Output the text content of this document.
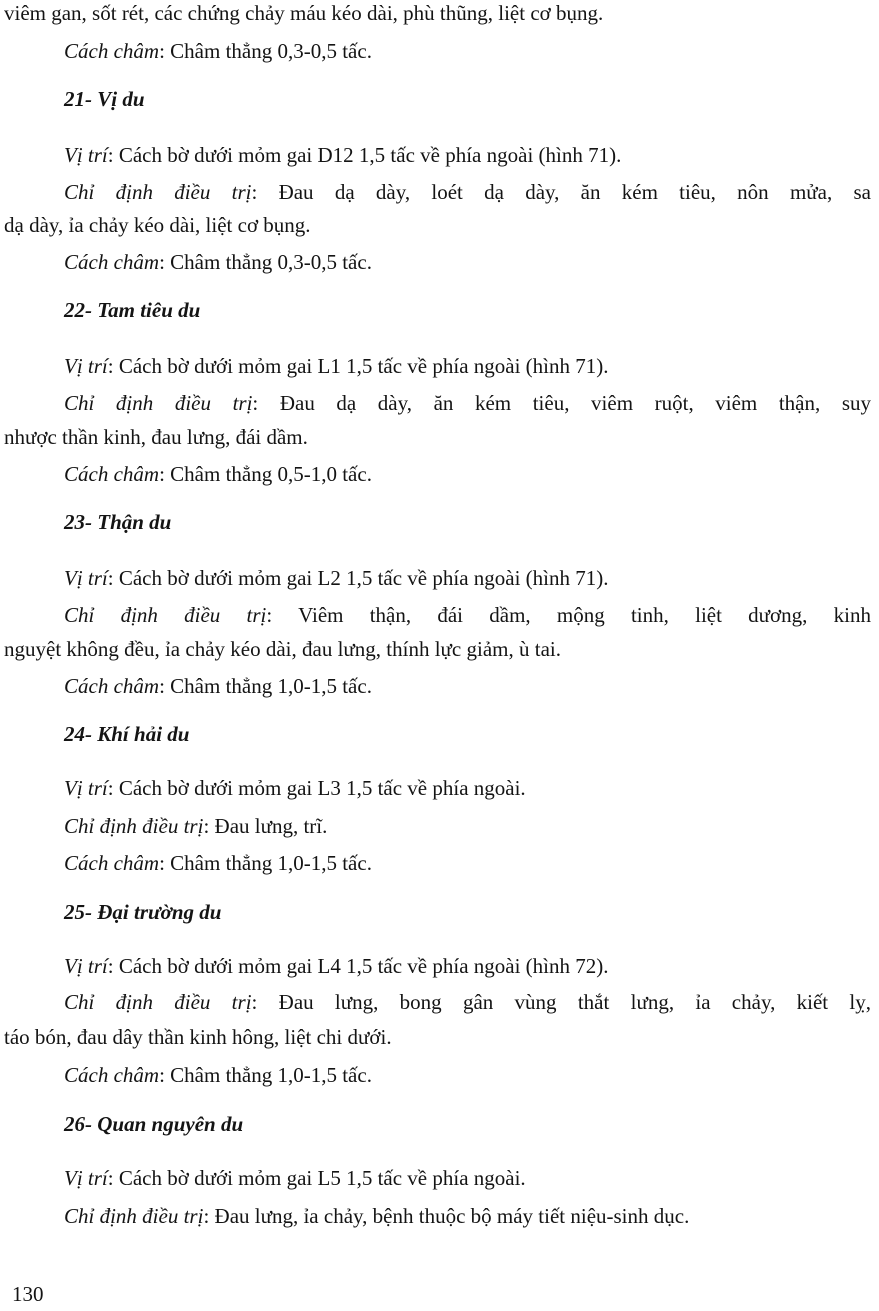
viêm gan, sốt rét, các chứng chảy máu kéo dài, phù thũng, liệt cơ bụng.
Cách châm: Châm thẳng 0,3-0,5 tấc.
21- Vị du
Vị trí: Cách bờ dưới mỏm gai D12 1,5 tấc về phía ngoài (hình 71).
Chỉ định điều trị: Đau dạ dày, loét dạ dày, ăn kém tiêu, nôn mửa, sa
dạ dày, ỉa chảy kéo dài, liệt cơ bụng.
Cách châm: Châm thẳng 0,3-0,5 tấc.
22- Tam tiêu du
Vị trí: Cách bờ dưới mỏm gai L1 1,5 tấc về phía ngoài (hình 71).
Chỉ định điều trị: Đau dạ dày, ăn kém tiêu, viêm ruột, viêm thận, suy
nhược thần kinh, đau lưng, đái dầm.
Cách châm: Châm thẳng 0,5-1,0 tấc.
23- Thận du
Vị trí: Cách bờ dưới mỏm gai L2 1,5 tấc về phía ngoài (hình 71).
Chỉ định điều trị: Viêm thận, đái dầm, mộng tinh, liệt dương, kinh
nguyệt không đều, ỉa chảy kéo dài, đau lưng, thính lực giảm, ù tai.
Cách châm: Châm thẳng 1,0-1,5 tấc.
24- Khí hải du
Vị trí: Cách bờ dưới mỏm gai L3 1,5 tấc về phía ngoài.
Chỉ định điều trị: Đau lưng, trĩ.
Cách châm: Châm thẳng 1,0-1,5 tấc.
25- Đại trường du
Vị trí: Cách bờ dưới mỏm gai L4 1,5 tấc về phía ngoài (hình 72).
Chỉ định điều trị: Đau lưng, bong gân vùng thắt lưng, ỉa chảy, kiết lỵ,
táo bón, đau dây thần kinh hông, liệt chi dưới.
Cách châm: Châm thẳng 1,0-1,5 tấc.
26- Quan nguyên du
Vị trí: Cách bờ dưới mỏm gai L5 1,5 tấc về phía ngoài.
Chỉ định điều trị: Đau lưng, ỉa chảy, bệnh thuộc bộ máy tiết niệu-sinh dục.
130
